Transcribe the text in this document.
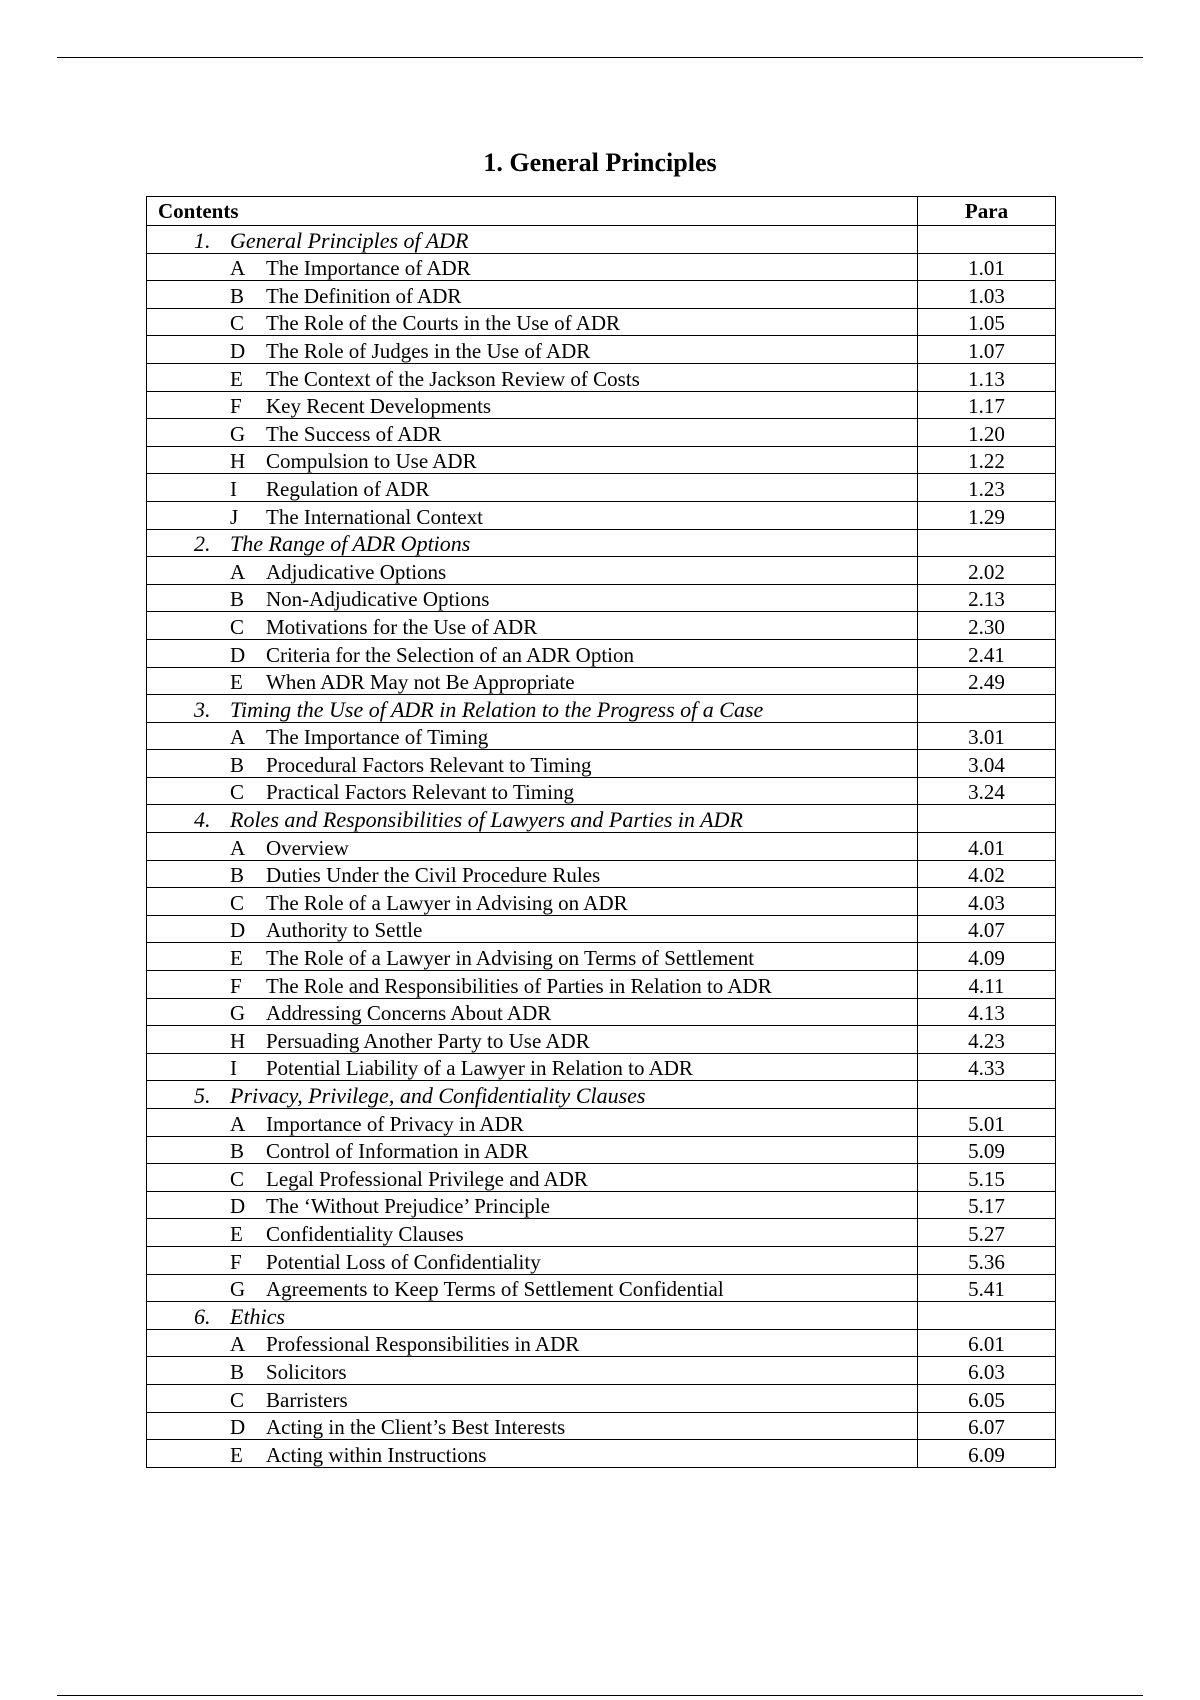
1. General Principles
Contents	Para
1. General Principles of ADR	
A The Importance of ADR	1.01
B The Definition of ADR	1.03
C The Role of the Courts in the Use of ADR	1.05
D The Role of Judges in the Use of ADR	1.07
E The Context of the Jackson Review of Costs	1.13
F Key Recent Developments	1.17
G The Success of ADR	1.20
H Compulsion to Use ADR	1.22
I Regulation of ADR	1.23
J The International Context	1.29
2. The Range of ADR Options	
A Adjudicative Options	2.02
B Non-Adjudicative Options	2.13
C Motivations for the Use of ADR	2.30
D Criteria for the Selection of an ADR Option	2.41
E When ADR May not Be Appropriate	2.49
3. Timing the Use of ADR in Relation to the Progress of a Case	
A The Importance of Timing	3.01
B Procedural Factors Relevant to Timing	3.04
C Practical Factors Relevant to Timing	3.24
4. Roles and Responsibilities of Lawyers and Parties in ADR	
A Overview	4.01
B Duties Under the Civil Procedure Rules	4.02
C The Role of a Lawyer in Advising on ADR	4.03
D Authority to Settle	4.07
E The Role of a Lawyer in Advising on Terms of Settlement	4.09
F The Role and Responsibilities of Parties in Relation to ADR	4.11
G Addressing Concerns About ADR	4.13
H Persuading Another Party to Use ADR	4.23
I Potential Liability of a Lawyer in Relation to ADR	4.33
5. Privacy, Privilege, and Confidentiality Clauses	
A Importance of Privacy in ADR	5.01
B Control of Information in ADR	5.09
C Legal Professional Privilege and ADR	5.15
D The ‘Without Prejudice’ Principle	5.17
E Confidentiality Clauses	5.27
F Potential Loss of Confidentiality	5.36
G Agreements to Keep Terms of Settlement Confidential	5.41
6. Ethics	
A Professional Responsibilities in ADR	6.01
B Solicitors	6.03
C Barristers	6.05
D Acting in the Client’s Best Interests	6.07
E Acting within Instructions	6.09
